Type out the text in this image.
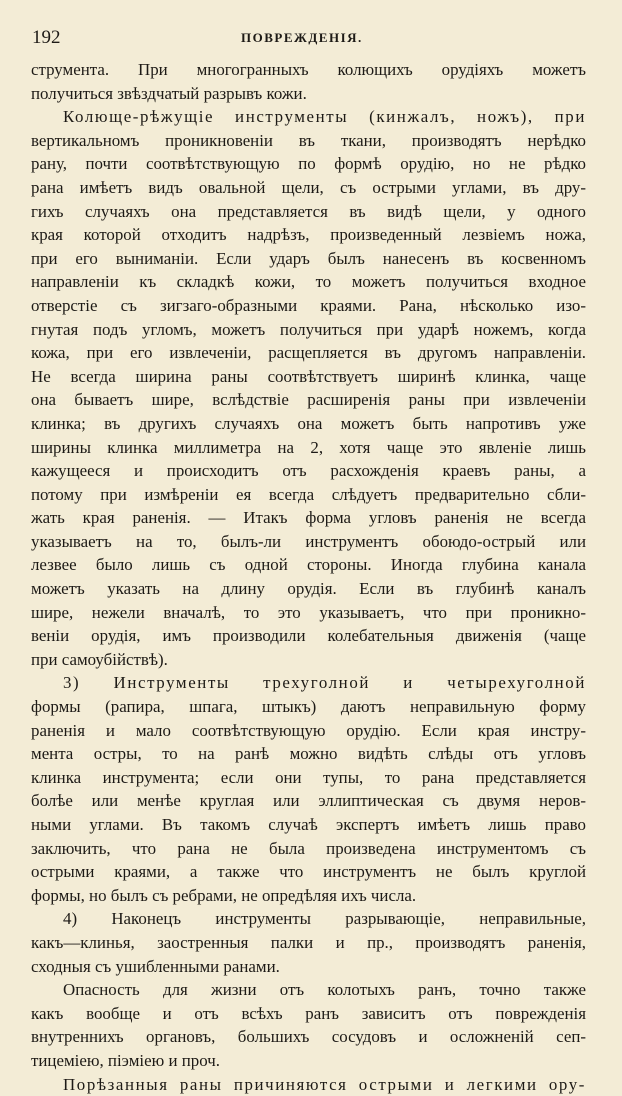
192	ПОВРЕЖДЕНІЯ.

струмента. При многогранныхъ колющихъ орудіяхъ можетъ

получиться звѣздчатый разрывъ кожи.

Колюще-рѣжущіе инструменты (кинжалъ, ножъ), при

вертикальномъ проникновеніи въ ткани, производятъ нерѣдко

рану, почти соотвѣтствующую по формѣ орудію, но не рѣдко

рана имѣетъ видъ овальной щели, съ острыми углами, въ дру-

гихъ случаяхъ она представляется въ видѣ щели, у одного

края которой отходитъ надрѣзъ, произведенный лезвіемъ ножа,

при его выниманіи. Если ударъ былъ нанесенъ въ косвенномъ

направленіи къ складкѣ кожи, то можетъ получиться входное

отверстіе съ зигзаго-образными краями. Рана, нѣсколько изо-

гнутая подъ угломъ, можетъ получиться при ударѣ ножемъ, когда

кожа, при его извлеченіи, расщепляется въ другомъ направленіи.

Не всегда ширина раны соотвѣтствуетъ ширинѣ клинка, чаще

она бываетъ шире, вслѣдствіе расширенія раны при извлеченіи

клинка; въ другихъ случаяхъ она можетъ быть напротивъ уже

ширины клинка миллиметра на 2, хотя чаще это явленіе лишь

кажущееся и происходитъ отъ расхожденія краевъ раны, а

потому при измѣреніи ея всегда слѣдуетъ предварительно сбли-

жать края раненія. — Итакъ форма угловъ раненія не всегда

указываетъ на то, былъ-ли инструментъ обоюдо-острый или

лезвее было лишь съ одной стороны. Иногда глубина канала

можетъ указать на длину орудія. Если въ глубинѣ каналъ

шире, нежели вначалѣ, то это указываетъ, что при проникно-

веніи орудія, имъ производили колебательныя движенія (чаще

при самоубійствѣ).

3) Инструменты трехуголной и четырехуголной

формы (рапира, шпага, штыкъ) даютъ неправильную форму

раненія и мало соотвѣтствующую орудію. Если края инстру-

мента остры, то на ранѣ можно видѣть слѣды отъ угловъ

клинка инструмента; если они тупы, то рана представляется

болѣе или менѣе круглая или эллиптическая съ двумя неров-

ными углами. Въ такомъ случаѣ экспертъ имѣетъ лишь право

заключить, что рана не была произведена инструментомъ съ

острыми краями, а также что инструментъ не былъ круглой

формы, но былъ съ ребрами, не опредѣляя ихъ числа.

4) Наконецъ инструменты разрывающіе, неправильные,

какъ—клинья, заостренныя палки и пр., производятъ раненія,

сходныя съ ушибленными ранами.

Опасность для жизни отъ колотыхъ ранъ, точно также

какъ вообще и отъ всѣхъ ранъ зависитъ отъ поврежденія

внутреннихъ органовъ, большихъ сосудовъ и осложненій сеп-

тицеміею, піэміею и проч.

Порѣзанныя раны причиняются острыми и легкими ору-
